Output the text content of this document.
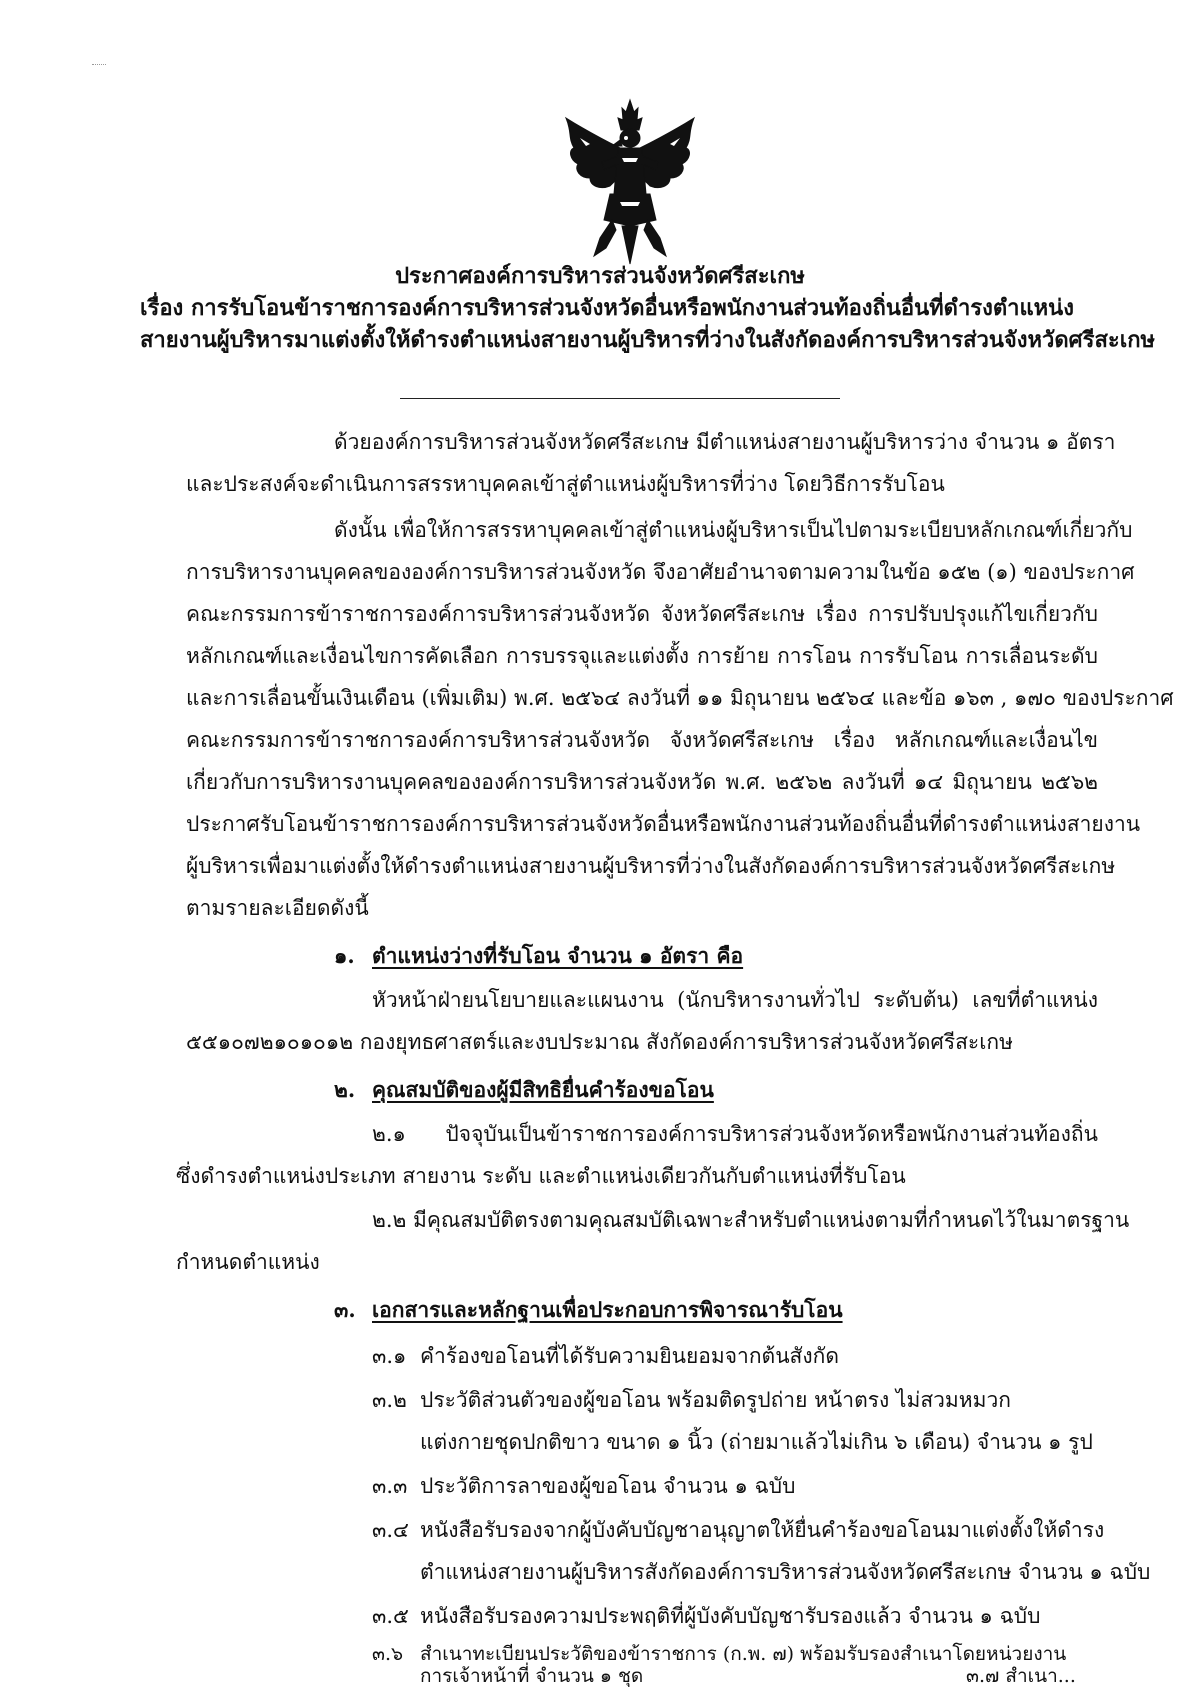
ประกาศองค์การบริหารส่วนจังหวัดศรีสะเกษ
เรื่อง การรับโอนข้าราชการองค์การบริหารส่วนจังหวัดอื่นหรือพนักงานส่วนท้องถิ่นอื่นที่ดำรงตำแหน่ง
สายงานผู้บริหารมาแต่งตั้งให้ดำรงตำแหน่งสายงานผู้บริหารที่ว่างในสังกัดองค์การบริหารส่วนจังหวัดศรีสะเกษ
ด้วยองค์การบริหารส่วนจังหวัดศรีสะเกษ มีตำแหน่งสายงานผู้บริหารว่าง จำนวน ๑ อัตรา
และประสงค์จะดำเนินการสรรหาบุคคลเข้าสู่ตำแหน่งผู้บริหารที่ว่าง โดยวิธีการรับโอน
ดังนั้น เพื่อให้การสรรหาบุคคลเข้าสู่ตำแหน่งผู้บริหารเป็นไปตามระเบียบหลักเกณฑ์เกี่ยวกับ
การบริหารงานบุคคลขององค์การบริหารส่วนจังหวัด จึงอาศัยอำนาจตามความในข้อ ๑๕๒ (๑) ของประกาศ
คณะกรรมการข้าราชการองค์การบริหารส่วนจังหวัด จังหวัดศรีสะเกษ เรื่อง การปรับปรุงแก้ไขเกี่ยวกับ
หลักเกณฑ์และเงื่อนไขการคัดเลือก การบรรจุและแต่งตั้ง การย้าย การโอน การรับโอน การเลื่อนระดับ
และการเลื่อนขั้นเงินเดือน (เพิ่มเติม) พ.ศ. ๒๕๖๔ ลงวันที่ ๑๑ มิถุนายน ๒๕๖๔ และข้อ ๑๖๓ , ๑๗๐ ของประกาศ
คณะกรรมการข้าราชการองค์การบริหารส่วนจังหวัด จังหวัดศรีสะเกษ เรื่อง หลักเกณฑ์และเงื่อนไข
เกี่ยวกับการบริหารงานบุคคลขององค์การบริหารส่วนจังหวัด พ.ศ. ๒๕๖๒ ลงวันที่ ๑๔ มิถุนายน ๒๕๖๒
ประกาศรับโอนข้าราชการองค์การบริหารส่วนจังหวัดอื่นหรือพนักงานส่วนท้องถิ่นอื่นที่ดำรงตำแหน่งสายงาน
ผู้บริหารเพื่อมาแต่งตั้งให้ดำรงตำแหน่งสายงานผู้บริหารที่ว่างในสังกัดองค์การบริหารส่วนจังหวัดศรีสะเกษ
ตามรายละเอียดดังนี้
๑. ตำแหน่งว่างที่รับโอน จำนวน ๑ อัตรา คือ
หัวหน้าฝ่ายนโยบายและแผนงาน (นักบริหารงานทั่วไป ระดับต้น) เลขที่ตำแหน่ง
๕๕๑๐๗๒๑๐๑๐๑๒ กองยุทธศาสตร์และงบประมาณ สังกัดองค์การบริหารส่วนจังหวัดศรีสะเกษ
๒. คุณสมบัติของผู้มีสิทธิยื่นคำร้องขอโอน
๒.๑ ปัจจุบันเป็นข้าราชการองค์การบริหารส่วนจังหวัดหรือพนักงานส่วนท้องถิ่น
ซึ่งดำรงตำแหน่งประเภท สายงาน ระดับ และตำแหน่งเดียวกันกับตำแหน่งที่รับโอน
๒.๒ มีคุณสมบัติตรงตามคุณสมบัติเฉพาะสำหรับตำแหน่งตามที่กำหนดไว้ในมาตรฐาน
กำหนดตำแหน่ง
๓. เอกสารและหลักฐานเพื่อประกอบการพิจารณารับโอน
๓.๑ คำร้องขอโอนที่ได้รับความยินยอมจากต้นสังกัด
๓.๒ ประวัติส่วนตัวของผู้ขอโอน พร้อมติดรูปถ่าย หน้าตรง ไม่สวมหมวก
แต่งกายชุดปกติขาว ขนาด ๑ นิ้ว (ถ่ายมาแล้วไม่เกิน ๖ เดือน) จำนวน ๑ รูป
๓.๓ ประวัติการลาของผู้ขอโอน จำนวน ๑ ฉบับ
๓.๔ หนังสือรับรองจากผู้บังคับบัญชาอนุญาตให้ยื่นคำร้องขอโอนมาแต่งตั้งให้ดำรง
ตำแหน่งสายงานผู้บริหารสังกัดองค์การบริหารส่วนจังหวัดศรีสะเกษ จำนวน ๑ ฉบับ
๓.๕ หนังสือรับรองความประพฤติที่ผู้บังคับบัญชารับรองแล้ว จำนวน ๑ ฉบับ
๓.๖ สำเนาทะเบียนประวัติของข้าราชการ (ก.พ. ๗) พร้อมรับรองสำเนาโดยหน่วยงาน
การเจ้าหน้าที่ จำนวน ๑ ชุด	๓.๗ สำเนา...
